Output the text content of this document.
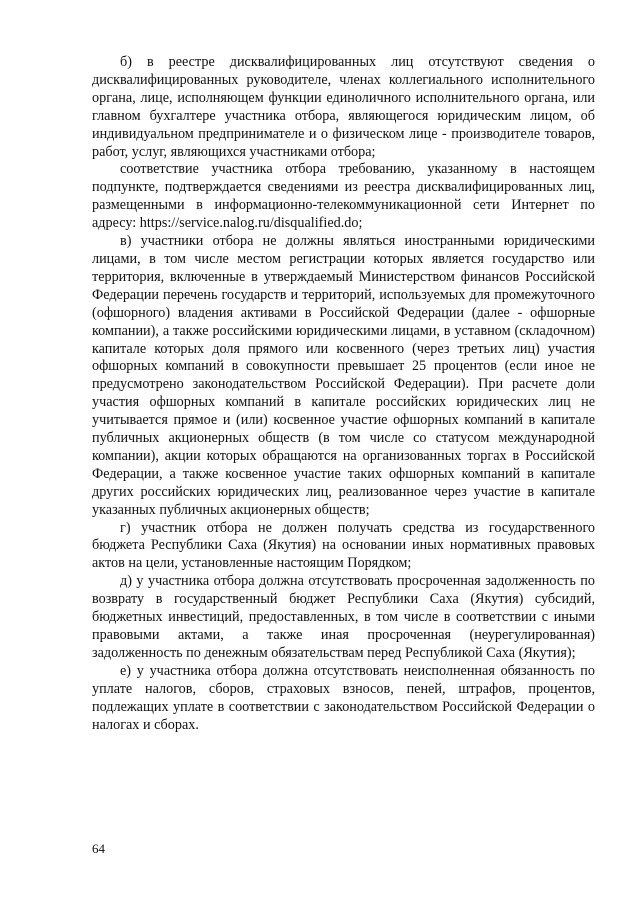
б) в реестре дисквалифицированных лиц отсутствуют сведения о дисквалифицированных руководителе, членах коллегиального исполнительного органа, лице, исполняющем функции единоличного исполнительного органа, или главном бухгалтере участника отбора, являющегося юридическим лицом, об индивидуальном предпринимателе и о физическом лице - производителе товаров, работ, услуг, являющихся участниками отбора;

соответствие участника отбора требованию, указанному в настоящем подпункте, подтверждается сведениями из реестра дисквалифицированных лиц, размещенными в информационно-телекоммуникационной сети Интернет по адресу: https://service.nalog.ru/disqualified.do;

в) участники отбора не должны являться иностранными юридическими лицами, в том числе местом регистрации которых является государство или территория, включенные в утверждаемый Министерством финансов Российской Федерации перечень государств и территорий, используемых для промежуточного (офшорного) владения активами в Российской Федерации (далее - офшорные компании), а также российскими юридическими лицами, в уставном (складочном) капитале которых доля прямого или косвенного (через третьих лиц) участия офшорных компаний в совокупности превышает 25 процентов (если иное не предусмотрено законодательством Российской Федерации). При расчете доли участия офшорных компаний в капитале российских юридических лиц не учитывается прямое и (или) косвенное участие офшорных компаний в капитале публичных акционерных обществ (в том числе со статусом международной компании), акции которых обращаются на организованных торгах в Российской Федерации, а также косвенное участие таких офшорных компаний в капитале других российских юридических лиц, реализованное через участие в капитале указанных публичных акционерных обществ;

г) участник отбора не должен получать средства из государственного бюджета Республики Саха (Якутия) на основании иных нормативных правовых актов на цели, установленные настоящим Порядком;

д) у участника отбора должна отсутствовать просроченная задолженность по возврату в государственный бюджет Республики Саха (Якутия) субсидий, бюджетных инвестиций, предоставленных, в том числе в соответствии с иными правовыми актами, а также иная просроченная (неурегулированная) задолженность по денежным обязательствам перед Республикой Саха (Якутия);

е) у участника отбора должна отсутствовать неисполненная обязанность по уплате налогов, сборов, страховых взносов, пеней, штрафов, процентов, подлежащих уплате в соответствии с законодательством Российской Федерации о налогах и сборах.

64
